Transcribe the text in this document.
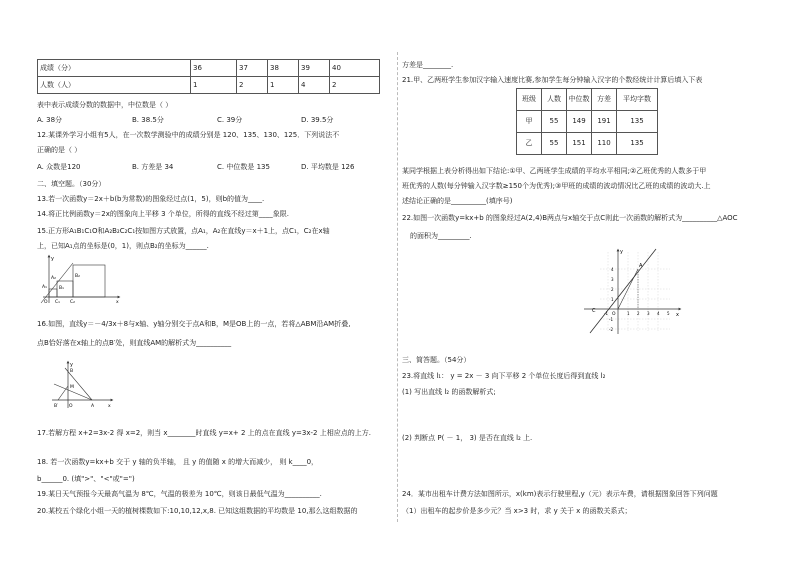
成绩（分）	36	37	38	39	40
人数（人）	1	2	1	4	2
表中表示成绩分数的数据中，中位数是（ ）
A. 38分	B. 38.5分	C. 39分	D. 39.5分
12.某课外学习小组有5人，在一次数学测验中的成绩分别是 120、135、130、125．下列说法不
正确的是（ ）
A. 众数是120	B. 方差是 34	C. 中位数是 135	D. 平均数是 126
二、填空题。（30分）
13.若一次函数y＝2x＋b(b为常数)的图象经过点(1，5)，则b的值为____.
14.将正比例函数y＝2x的图象向上平移 3 个单位，所得的直线不经过第____象限.
15.正方形A₁B₁C₁O和A₂B₂C₂C₁按如图方式放置，点A₁，A₂在直线y＝x＋1上，点C₁，C₂在x轴
上，已知A₁点的坐标是(0，1)，则点B₂的坐标为______.
y
A₂
A₁
B₂
B₁
O C₁ C₂	x
16.如图，直线y＝－4/3x＋8与x轴、y轴分别交于点A和B，M是OB上的一点，若将△ABM沿AM折叠,
点B恰好落在x轴上的点B′处，则直线AM的解析式为__________
y
B
M
O
B′	A	x
17.若解方程 x+2=3x-2 得 x=2，则当 x________时直线 y=x+ 2 上的点在直线 y=3x-2 上相应点的上方.
18. 若一次函数y=kx+b 交于 y 轴的负半轴， 且 y 的值随 x 的增大而减少， 则 k____0，
b______0. (填">"、"<"或"=")
19.某日天气预报今天最高气温为 8℃，气温的极差为 10℃，则该日最低气温为__________.
20.某校五个绿化小组一天的植树棵数如下:10,10,12,x,8. 已知这组数据的平均数是 10,那么这组数据的
方差是________.
21.甲、乙两班学生参加汉字输入速度比赛,参加学生每分钟输入汉字的个数经统计计算后填入下表
班级	人数	中位数	方差	平均字数
甲	55	149	191	135
乙	55	151	110	135
某同学根据上表分析得出如下结论:①甲、乙两班学生成绩的平均水平相同;②乙班优秀的人数多于甲
班优秀的人数(每分钟输入汉字数≥150个为优秀);③甲班的成绩的波动情况比乙班的成绩的波动大.上
述结论正确的是__________(填序号)
22.如图一次函数y=kx+b 的图象经过A(2,4)B两点与x轴交于点C则此一次函数的解析式为__________△AOC
的面积为_________.
y
A
C
O	x
4
3
2
1
-1
-2
-1	1 2 3 4 5
三、简答题。（54分）
23.将直线 l₁： y = 2x － 3 向下平移 2 个单位长度后得到直线 l₂
(1) 写出直线 l₂ 的函数解析式;
(2) 判断点 P( － 1， 3) 是否在直线 l₂ 上.
24．某市出租车计费方法如图所示，x(km)表示行驶里程,y（元）表示车费，请根据图象回答下列问题
（1）出租车的起步价是多少元？当 x>3 时，求 y 关于 x 的函数关系式；
